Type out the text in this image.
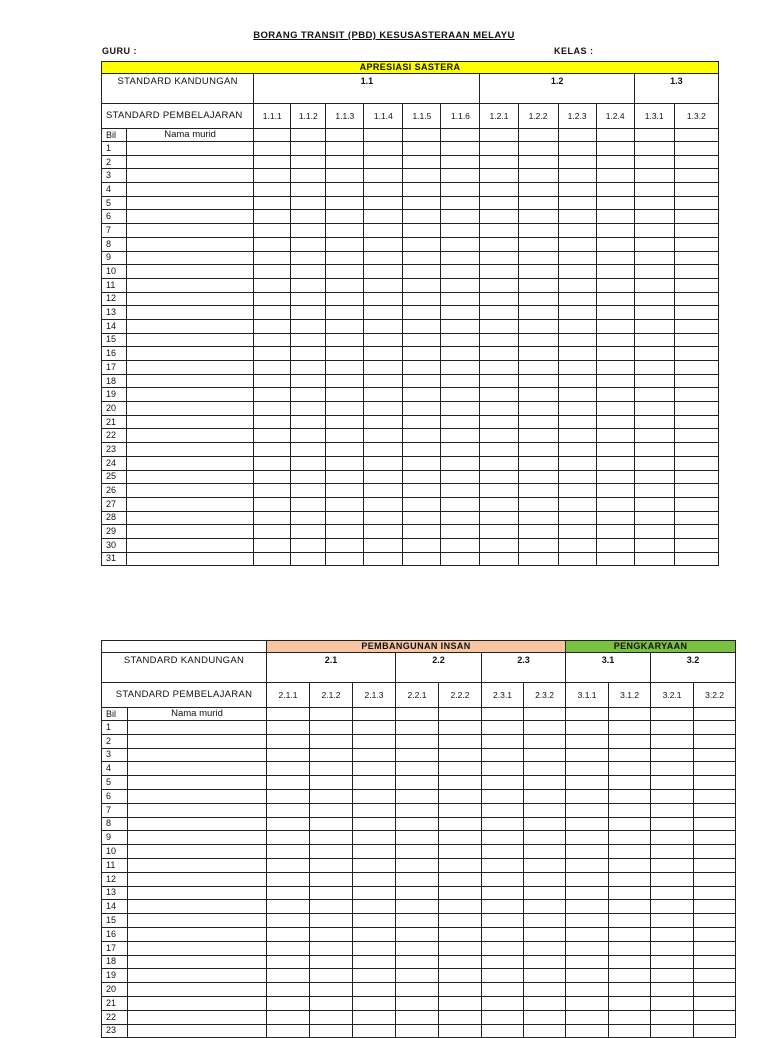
BORANG TRANSIT (PBD) KESUSASTERAAN MELAYU
GURU :	KELAS :
APRESIASI SASTERA													
STANDARD KANDUNGAN		1.1						1.2				1.3	
STANDARD PEMBELAJARAN		1.1.1	1.1.2	1.1.3	1.1.4	1.1.5	1.1.6	1.2.1	1.2.2	1.2.3	1.2.4	1.3.1	1.3.2
Bil	Nama murid												
1													
2													
3													
4													
5													
6													
7													
8													
9													
10													
11													
12													
13													
14													
15													
16													
17													
18													
19													
20													
21													
22													
23													
24													
25													
26													
27													
28													
29													
30													
31													
		PEMBANGUNAN INSAN							PENGKARYAAN			
STANDARD KANDUNGAN		2.1			2.2		2.3		3.1		3.2	
STANDARD PEMBELAJARAN		2.1.1	2.1.2	2.1.3	2.2.1	2.2.2	2.3.1	2.3.2	3.1.1	3.1.2	3.2.1	3.2.2
Bil	Nama murid											
1												
2												
3												
4												
5												
6												
7												
8												
9												
10												
11												
12												
13												
14												
15												
16												
17												
18												
19												
20												
21												
22												
23												
